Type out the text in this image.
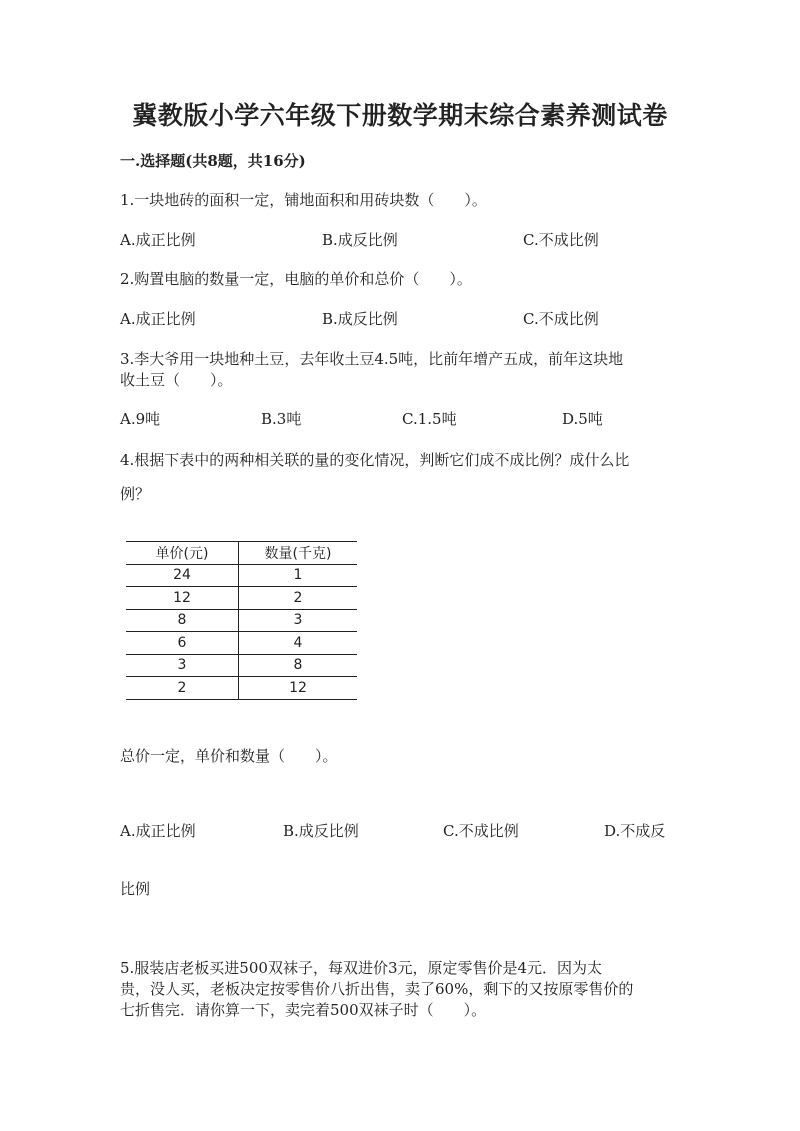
冀教版小学六年级下册数学期末综合素养测试卷
一.选择题(共8题，共16分)
1.一块地砖的面积一定，铺地面积和用砖块数（　　）。
A.成正比例	B.成反比例	C.不成比例
2.购置电脑的数量一定，电脑的单价和总价（　　）。
A.成正比例	B.成反比例	C.不成比例
3.李大爷用一块地种土豆，去年收土豆4.5吨，比前年增产五成，前年这块地
收土豆（　　）。
A.9吨	B.3吨	C.1.5吨	D.5吨
4.根据下表中的两种相关联的量的变化情况，判断它们成不成比例？成什么比
例？
单价(元)	数量(千克)
24	1
12	2
8	3
6	4
3	8
2	12
总价一定，单价和数量（　　）。
A.成正比例	B.成反比例	C.不成比例	D.不成反
比例
5.服装店老板买进500双袜子，每双进价3元，原定零售价是4元．因为太
贵，没人买，老板决定按零售价八折出售，卖了60%，剩下的又按原零售价的
七折售完．请你算一下，卖完着500双袜子时（　　）。
